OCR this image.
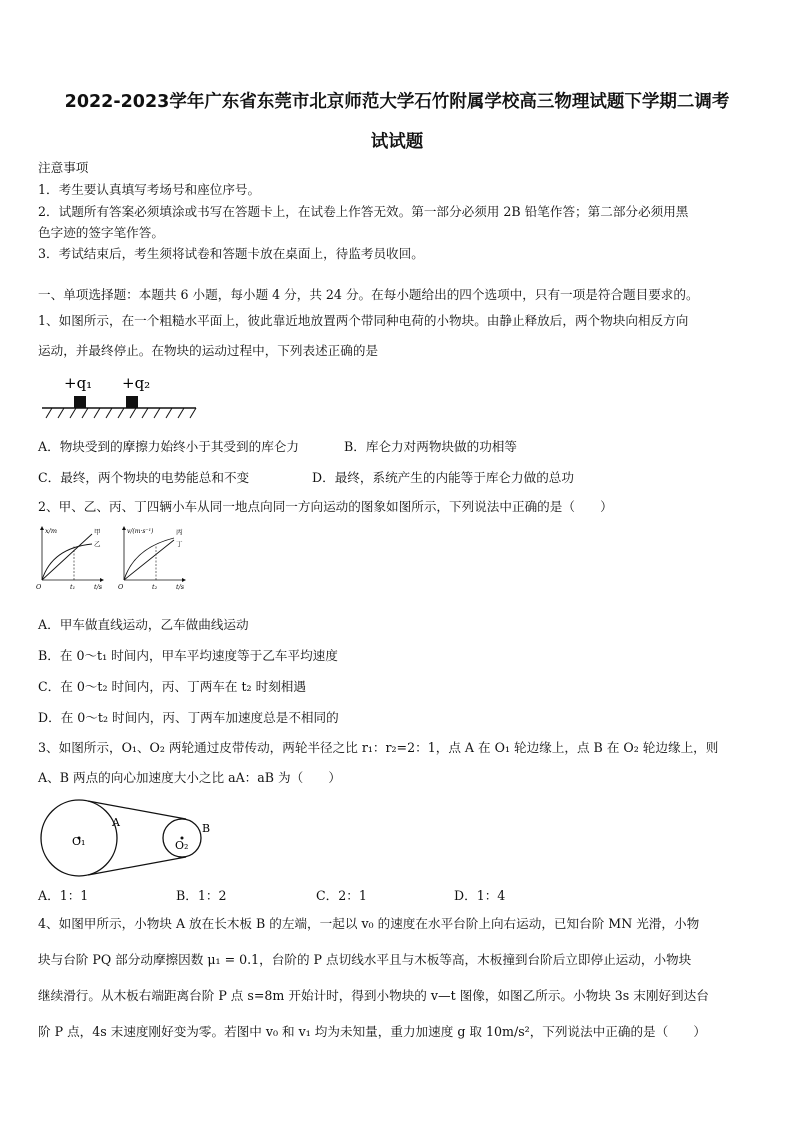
2022-2023学年广东省东莞市北京师范大学石竹附属学校高三物理试题下学期二调考
试试题
注意事项
1．考生要认真填写考场号和座位序号。
2．试题所有答案必须填涂或书写在答题卡上，在试卷上作答无效。第一部分必须用 2B 铅笔作答；第二部分必须用黑
色字迹的签字笔作答。
3．考试结束后，考生须将试卷和答题卡放在桌面上，待监考员收回。
一、单项选择题：本题共 6 小题，每小题 4 分，共 24 分。在每小题给出的四个选项中，只有一项是符合题目要求的。
1、如图所示，在一个粗糙水平面上，彼此靠近地放置两个带同种电荷的小物块。由静止释放后，两个物块向相反方向
运动，并最终停止。在物块的运动过程中，下列表述正确的是
+q₁ +q₂
A．物块受到的摩擦力始终小于其受到的库仑力	B．库仑力对两物块做的功相等
C．最终，两个物块的电势能总和不变	D．最终，系统产生的内能等于库仑力做的总功
2、甲、乙、丙、丁四辆小车从同一地点向同一方向运动的图象如图所示，下列说法中正确的是（　　）
x/m
t/s
O	t₁
甲
乙
v/(m·s⁻¹)
t/s
O	t₂
丙
丁
A．甲车做直线运动，乙车做曲线运动
B．在 0～t₁ 时间内，甲车平均速度等于乙车平均速度
C．在 0～t₂ 时间内，丙、丁两车在 t₂ 时刻相遇
D．在 0～t₂ 时间内，丙、丁两车加速度总是不相同的
3、如图所示，O₁、O₂ 两轮通过皮带传动，两轮半径之比 r₁：r₂=2：1，点 A 在 O₁ 轮边缘上，点 B 在 O₂ 轮边缘上，则
A、B 两点的向心加速度大小之比 aA：aB 为（　　）
O₁	O₂
A	B
A．1：1	B．1：2	C．2：1	D．1：4
4、如图甲所示，小物块 A 放在长木板 B 的左端，一起以 v₀ 的速度在水平台阶上向右运动，已知台阶 MN 光滑，小物
块与台阶 PQ 部分动摩擦因数 μ₁ = 0.1，台阶的 P 点切线水平且与木板等高，木板撞到台阶后立即停止运动，小物块
继续滑行。从木板右端距离台阶 P 点 s=8m 开始计时，得到小物块的 v—t 图像，如图乙所示。小物块 3s 末刚好到达台
阶 P 点，4s 末速度刚好变为零。若图中 v₀ 和 v₁ 均为未知量，重力加速度 g 取 10m/s²，下列说法中正确的是（　　）
